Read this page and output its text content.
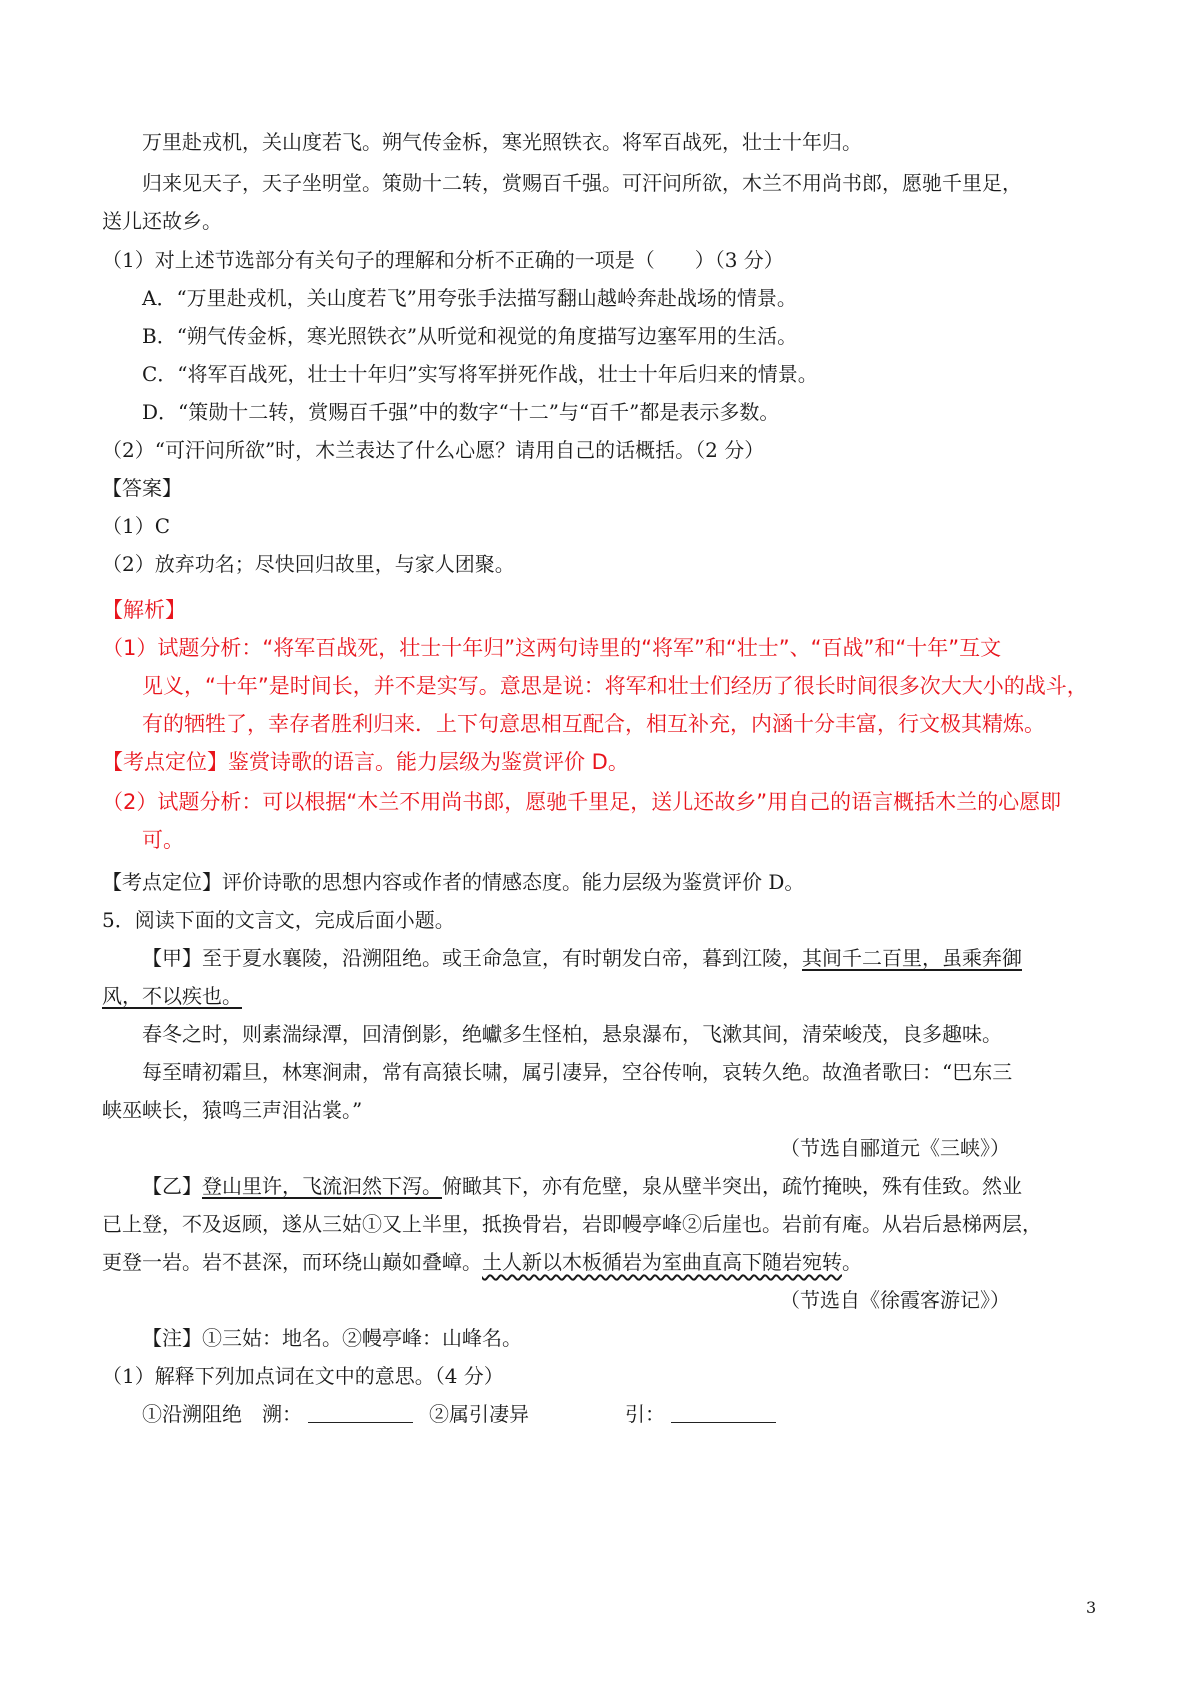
万里赴戎机，关山度若飞。朔气传金柝，寒光照铁衣。将军百战死，壮士十年归。
归来见天子，天子坐明堂。策勋十二转，赏赐百千强。可汗问所欲，木兰不用尚书郎，愿驰千里足，
送儿还故乡。
（1）对上述节选部分有关句子的理解和分析不正确的一项是（　　）（3 分）
A．“万里赴戎机，关山度若飞”用夸张手法描写翻山越岭奔赴战场的情景。
B．“朔气传金柝，寒光照铁衣”从听觉和视觉的角度描写边塞军用的生活。
C．“将军百战死，壮士十年归”实写将军拼死作战，壮士十年后归来的情景。
D．“策勋十二转，赏赐百千强”中的数字“十二”与“百千”都是表示多数。
（2）“可汗问所欲”时，木兰表达了什么心愿？请用自己的话概括。（2 分）
【答案】
（1）C
（2）放弃功名；尽快回归故里，与家人团聚。
【解析】
（1）试题分析：“将军百战死，壮士十年归”这两句诗里的“将军”和“壮士”、“百战”和“十年”互文
见义，“十年”是时间长，并不是实写。意思是说：将军和壮士们经历了很长时间很多次大大小的战斗，
有的牺牲了，幸存者胜利归来．上下句意思相互配合，相互补充，内涵十分丰富，行文极其精炼。
【考点定位】鉴赏诗歌的语言。能力层级为鉴赏评价 D。
（2）试题分析：可以根据“木兰不用尚书郎，愿驰千里足，送儿还故乡”用自己的语言概括木兰的心愿即
可。
【考点定位】评价诗歌的思想内容或作者的情感态度。能力层级为鉴赏评价 D。
5．阅读下面的文言文，完成后面小题。
【甲】至于夏水襄陵，沿溯阻绝。或王命急宣，有时朝发白帝，暮到江陵，其间千二百里，虽乘奔御
风，不以疾也。
春冬之时，则素湍绿潭，回清倒影，绝巘多生怪柏，悬泉瀑布，飞漱其间，清荣峻茂，良多趣味。
每至晴初霜旦，林寒涧肃，常有高猿长啸，属引凄异，空谷传响，哀转久绝。故渔者歌曰：“巴东三
峡巫峡长，猿鸣三声泪沾裳。”
（节选自郦道元《三峡》）
【乙】登山里许，飞流汩然下泻。俯瞰其下，亦有危壁，泉从壁半突出，疏竹掩映，殊有佳致。然业
已上登，不及返顾，遂从三姑①又上半里，抵换骨岩，岩即幔亭峰②后崖也。岩前有庵。从岩后悬梯两层，
更登一岩。岩不甚深，而环绕山巅如叠嶂。土人新以木板循岩为室曲直高下随岩宛转。
（节选自《徐霞客游记》）
【注】①三姑：地名。②幔亭峰：山峰名。
（1）解释下列加点词在文中的意思。（4 分）
①沿溯阻绝　溯：	②属引凄异	引：
3
